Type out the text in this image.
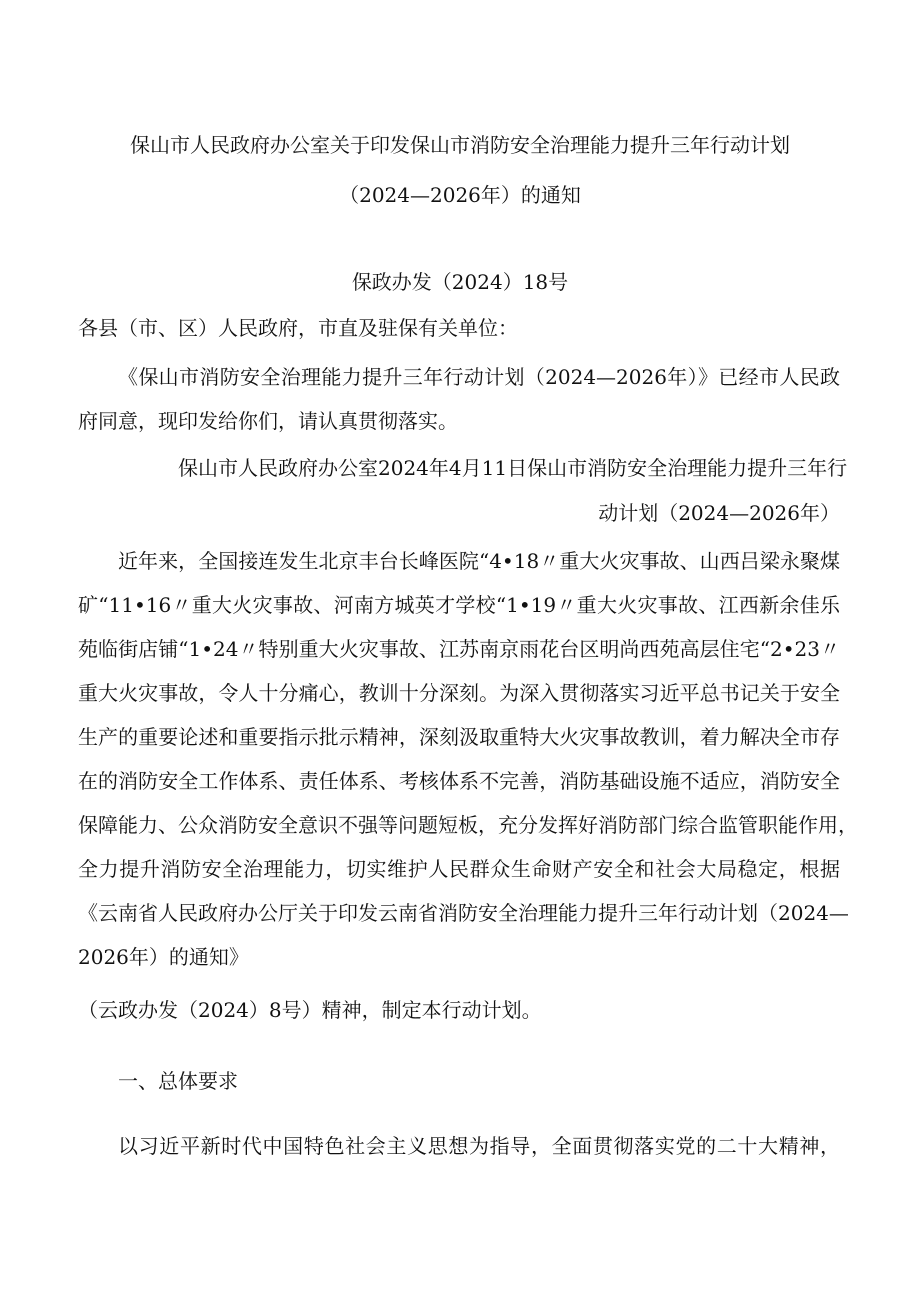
保山市人民政府办公室关于印发保山市消防安全治理能力提升三年行动计划
（2024—2026年）的通知
保政办发（2024）18号
各县（市、区）人民政府，市直及驻保有关单位：
《保山市消防安全治理能力提升三年行动计划（2024—2026年）》已经市人民政
府同意，现印发给你们，请认真贯彻落实。
保山市人民政府办公室2024年4月11日保山市消防安全治理能力提升三年行
动计划（2024—2026年）
近年来，全国接连发生北京丰台长峰医院“4•18〃重大火灾事故、山西吕梁永聚煤
矿“11•16〃重大火灾事故、河南方城英才学校“1•19〃重大火灾事故、江西新余佳乐
苑临街店铺“1•24〃特别重大火灾事故、江苏南京雨花台区明尚西苑高层住宅“2•23〃
重大火灾事故，令人十分痛心，教训十分深刻。为深入贯彻落实习近平总书记关于安全
生产的重要论述和重要指示批示精神，深刻汲取重特大火灾事故教训，着力解决全市存
在的消防安全工作体系、责任体系、考核体系不完善，消防基础设施不适应，消防安全
保障能力、公众消防安全意识不强等问题短板，充分发挥好消防部门综合监管职能作用，
全力提升消防安全治理能力，切实维护人民群众生命财产安全和社会大局稳定，根据
《云南省人民政府办公厅关于印发云南省消防安全治理能力提升三年行动计划（2024—
2026年）的通知》
（云政办发（2024）8号）精神，制定本行动计划。
一、总体要求
以习近平新时代中国特色社会主义思想为指导，全面贯彻落实党的二十大精神，
